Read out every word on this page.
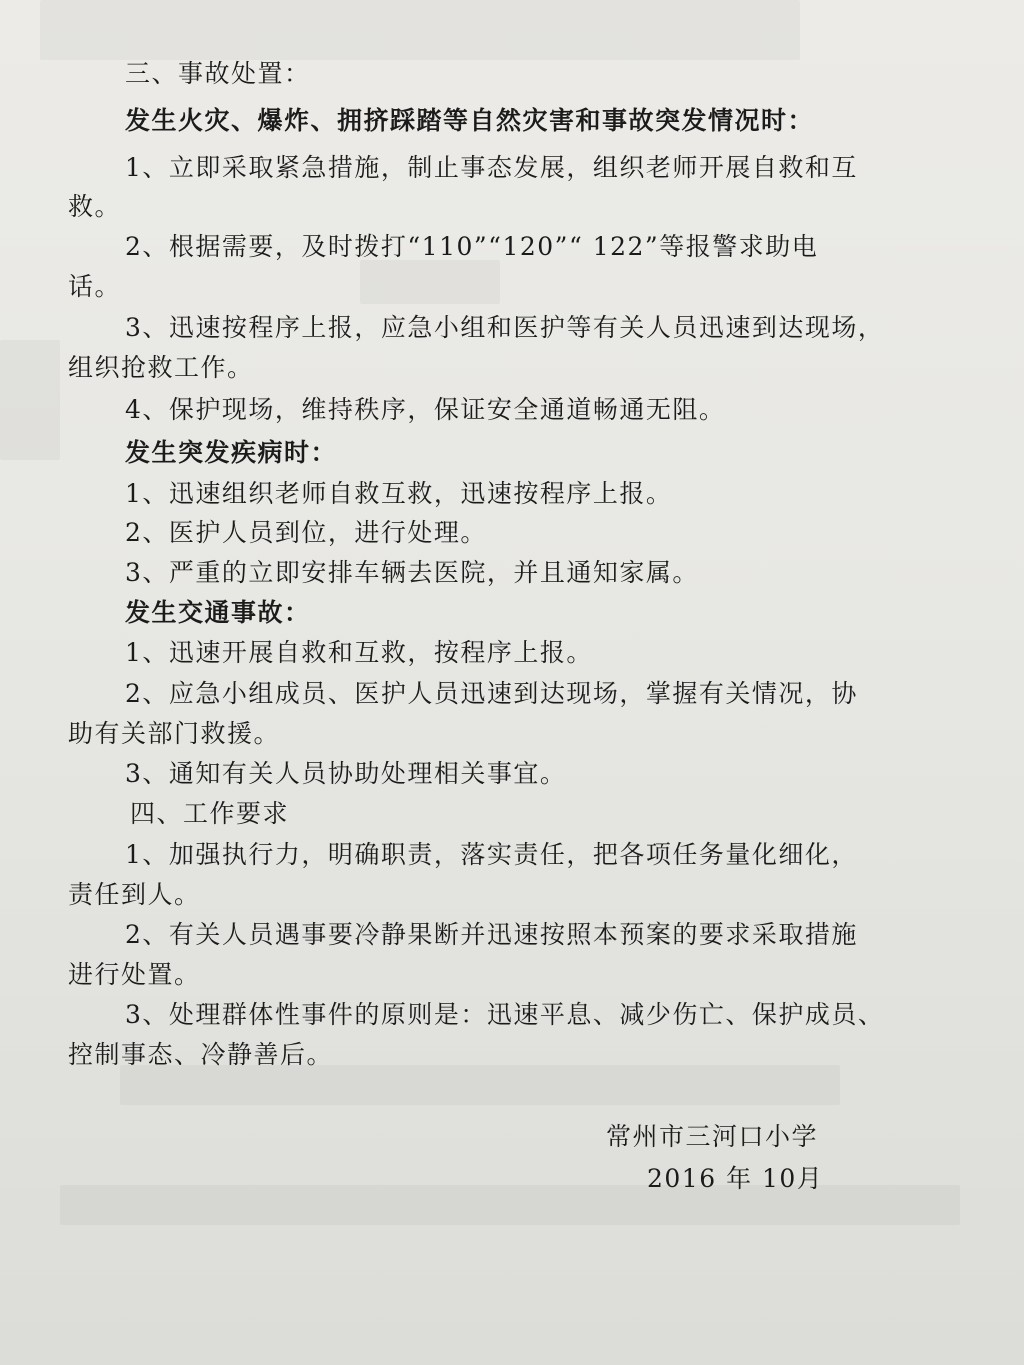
三、事故处置：
发生火灾、爆炸、拥挤踩踏等自然灾害和事故突发情况时：
1、立即采取紧急措施，制止事态发展，组织老师开展自救和互
救。
2、根据需要，及时拨打“110”“120”“ 122”等报警求助电
话。
3、迅速按程序上报，应急小组和医护等有关人员迅速到达现场，
组织抢救工作。
4、保护现场，维持秩序，保证安全通道畅通无阻。
发生突发疾病时：
1、迅速组织老师自救互救，迅速按程序上报。
2、医护人员到位，进行处理。
3、严重的立即安排车辆去医院，并且通知家属。
发生交通事故：
1、迅速开展自救和互救，按程序上报。
2、应急小组成员、医护人员迅速到达现场，掌握有关情况，协
助有关部门救援。
3、通知有关人员协助处理相关事宜。
四、工作要求
1、加强执行力，明确职责，落实责任，把各项任务量化细化，
责任到人。
2、有关人员遇事要冷静果断并迅速按照本预案的要求采取措施
进行处置。
3、处理群体性事件的原则是：迅速平息、减少伤亡、保护成员、
控制事态、冷静善后。
常州市三河口小学
2016 年 10月
